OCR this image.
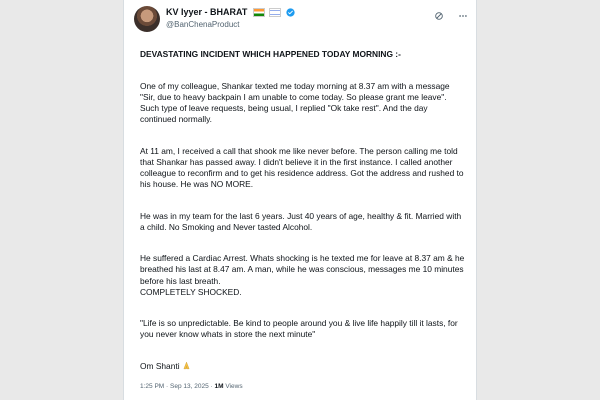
KV Iyyer - BHARAT
@BanChenaProduct

DEVASTATING INCIDENT WHICH HAPPENED TODAY MORNING :-

One of my colleague, Shankar texted me today morning at 8.37 am with a message
"Sir, due to heavy backpain I am unable to come today. So please grant me leave". Such type of leave requests, being usual, I replied "Ok take rest". And the day continued normally.

At 11 am, I received a call that shook me like never before. The person calling me told that Shankar has passed away. I didn't believe it in the first instance. I called another colleague to reconfirm and to get his residence address. Got the address and rushed to his house. He was NO MORE.

He was in my team for the last 6 years. Just 40 years of age, healthy & fit. Married with a child. No Smoking and Never tasted Alcohol.

He suffered a Cardiac Arrest. Whats shocking is he texted me for leave at 8.37 am & he breathed his last at 8.47 am. A man, while he was conscious, messages me 10 minutes before his last breath.
COMPLETELY SHOCKED.

"Life is so unpredictable. Be kind to people around you & live life happily till it lasts, for you never know whats in store the next minute"

Om Shanti

1:25 PM · Sep 13, 2025 · 1M Views
